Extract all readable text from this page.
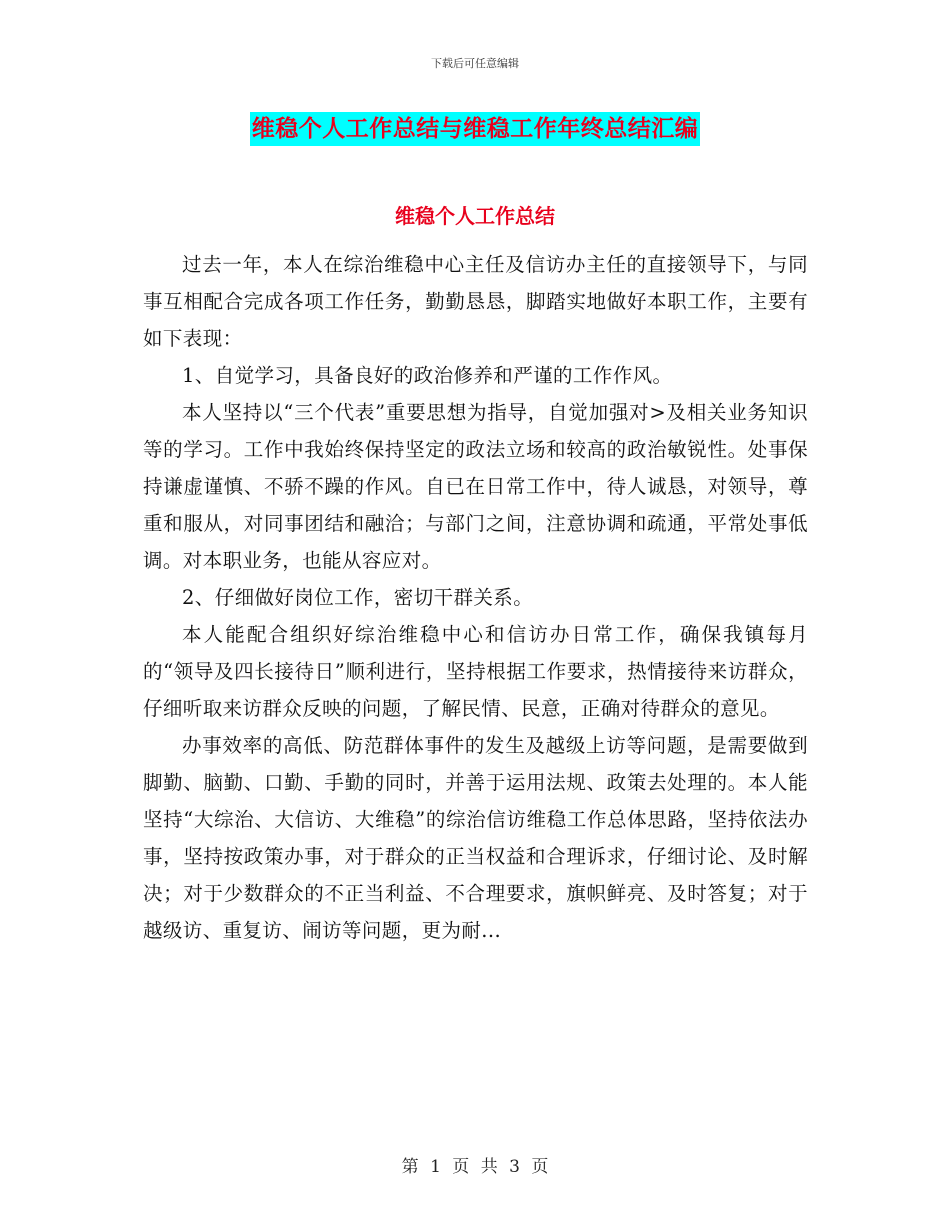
下载后可任意编辑
维稳个人工作总结与维稳工作年终总结汇编
维稳个人工作总结

过去一年，本人在综治维稳中心主任及信访办主任的直接领导下，与同事互相配合完成各项工作任务，勤勤恳恳，脚踏实地做好本职工作，主要有如下表现：

1、自觉学习，具备良好的政治修养和严谨的工作作风。

本人坚持以“三个代表”重要思想为指导，自觉加强对>及相关业务知识等的学习。工作中我始终保持坚定的政法立场和较高的政治敏锐性。处事保持谦虚谨慎、不骄不躁的作风。自已在日常工作中，待人诚恳，对领导，尊重和服从，对同事团结和融洽；与部门之间，注意协调和疏通，平常处事低调。对本职业务，也能从容应对。

2、仔细做好岗位工作，密切干群关系。

本人能配合组织好综治维稳中心和信访办日常工作，确保我镇每月的“领导及四长接待日”顺利进行，坚持根据工作要求，热情接待来访群众，仔细听取来访群众反映的问题，了解民情、民意，正确对待群众的意见。

办事效率的高低、防范群体事件的发生及越级上访等问题，是需要做到脚勤、脑勤、口勤、手勤的同时，并善于运用法规、政策去处理的。本人能坚持“大综治、大信访、大维稳”的综治信访维稳工作总体思路，坚持依法办事，坚持按政策办事，对于群众的正当权益和合理诉求，仔细讨论、及时解决；对于少数群众的不正当利益、不合理要求，旗帜鲜亮、及时答复；对于越级访、重复访、闹访等问题，更为耐...

第 1 页 共 3 页
